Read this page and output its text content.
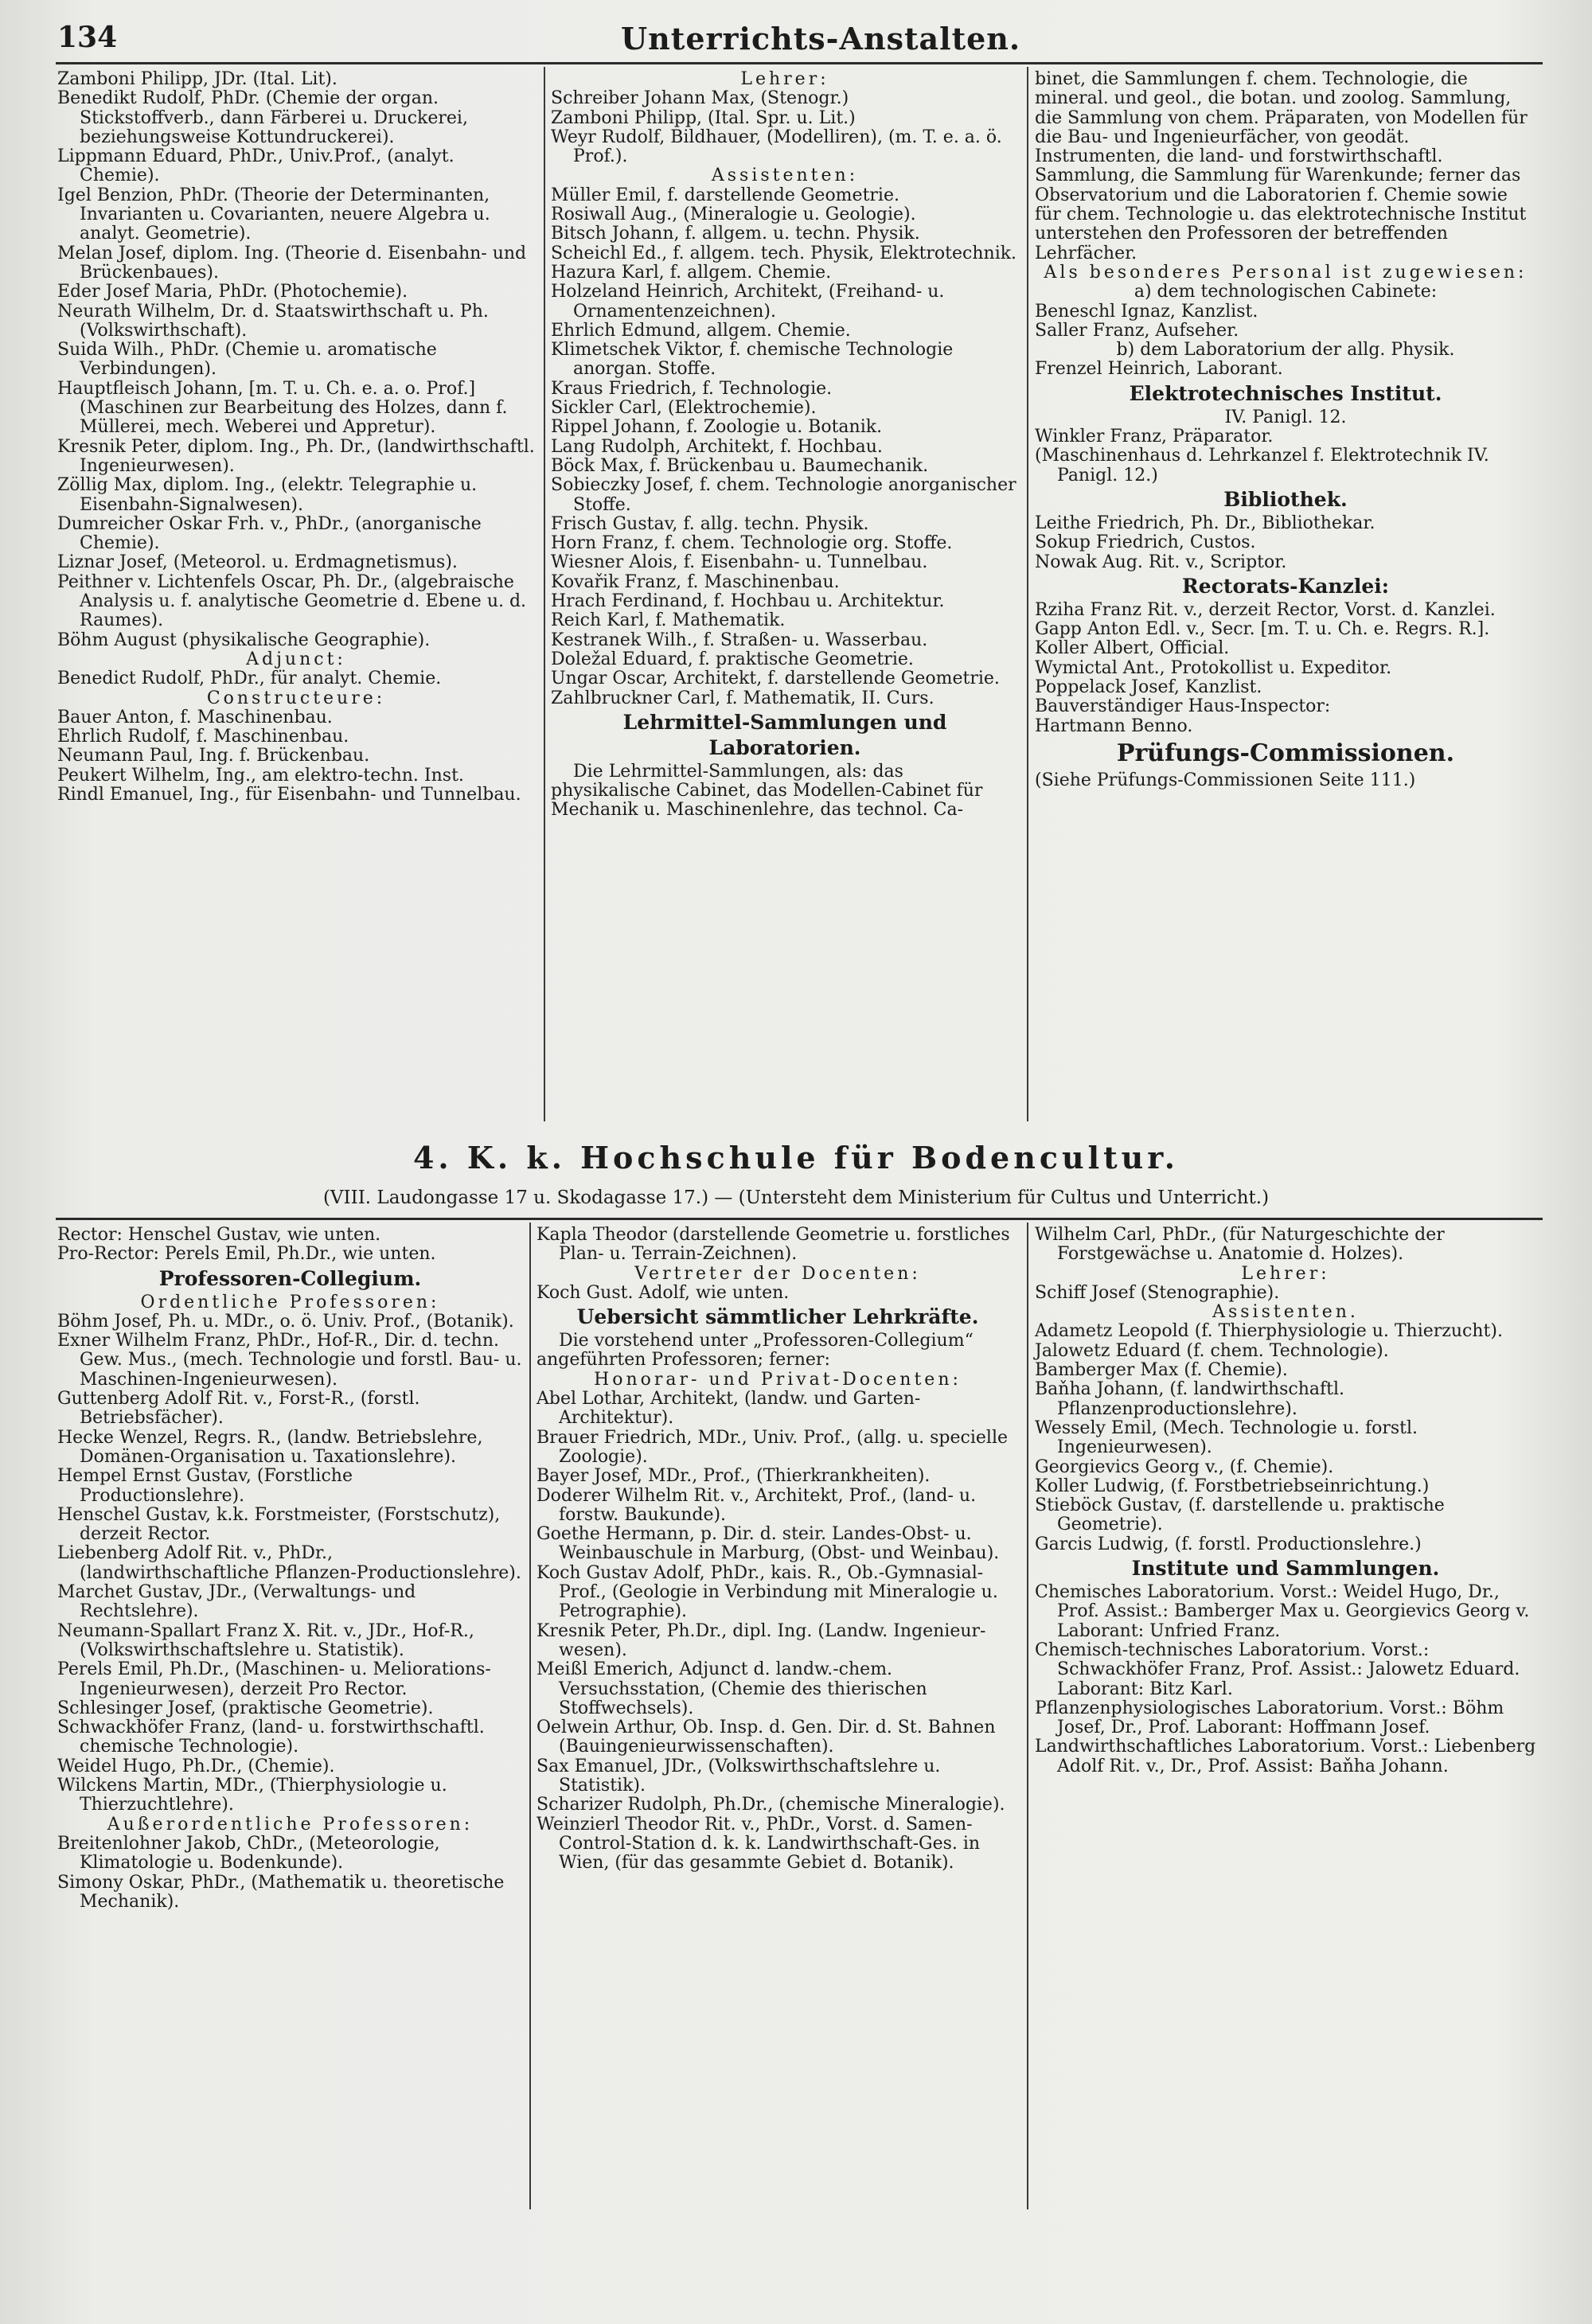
134	Unterrichts-Anstalten.
Zamboni Philipp, JDr. (Ital. Lit).
Benedikt Rudolf, PhDr. (Chemie der organ. Stickstoffverb., dann Färberei u. Druckerei, beziehungsweise Kottundruckerei).
Lippmann Eduard, PhDr., Univ.Prof., (analyt. Chemie).
Igel Benzion, PhDr. (Theorie der Determinanten, Invarianten u. Covarianten, neuere Algebra u. analyt. Geometrie).
Melan Josef, diplom. Ing. (Theorie d. Eisenbahn- und Brückenbaues).
Eder Josef Maria, PhDr. (Photochemie).
Neurath Wilhelm, Dr. d. Staatswirthschaft u. Ph. (Volkswirthschaft).
Suida Wilh., PhDr. (Chemie u. aromatische Verbindungen).
Hauptfleisch Johann, [m. T. u. Ch. e. a. o. Prof.] (Maschinen zur Bearbeitung des Holzes, dann f. Müllerei, mech. Weberei und Appretur).
Kresnik Peter, diplom. Ing., Ph. Dr., (landwirthschaftl. Ingenieurwesen).
Zöllig Max, diplom. Ing., (elektr. Telegraphie u. Eisenbahn-Signalwesen).
Dumreicher Oskar Frh. v., PhDr., (anorganische Chemie).
Liznar Josef, (Meteorol. u. Erdmagnetismus).
Peithner v. Lichtenfels Oscar, Ph. Dr., (algebraische Analysis u. f. analytische Geometrie d. Ebene u. d. Raumes).
Böhm August (physikalische Geographie).
Adjunct:
Benedict Rudolf, PhDr., für analyt. Chemie.
Constructeure:
Bauer Anton, f. Maschinenbau.
Ehrlich Rudolf, f. Maschinenbau.
Neumann Paul, Ing. f. Brückenbau.
Peukert Wilhelm, Ing., am elektro-techn. Inst.
Rindl Emanuel, Ing., für Eisenbahn- und Tunnelbau.
Lehrer:
Schreiber Johann Max, (Stenogr.)
Zamboni Philipp, (Ital. Spr. u. Lit.)
Weyr Rudolf, Bildhauer, (Modelliren), (m. T. e. a. ö. Prof.).
Assistenten:
Müller Emil, f. darstellende Geometrie.
Rosiwall Aug., (Mineralogie u. Geologie).
Bitsch Johann, f. allgem. u. techn. Physik.
Scheichl Ed., f. allgem. tech. Physik, Elektrotechnik.
Hazura Karl, f. allgem. Chemie.
Holzeland Heinrich, Architekt, (Freihand- u. Ornamentenzeichnen).
Ehrlich Edmund, allgem. Chemie.
Klimetschek Viktor, f. chemische Technologie anorgan. Stoffe.
Kraus Friedrich, f. Technologie.
Sickler Carl, (Elektrochemie).
Rippel Johann, f. Zoologie u. Botanik.
Lang Rudolph, Architekt, f. Hochbau.
Böck Max, f. Brückenbau u. Baumechanik.
Sobieczky Josef, f. chem. Technologie anorganischer Stoffe.
Frisch Gustav, f. allg. techn. Physik.
Horn Franz, f. chem. Technologie org. Stoffe.
Wiesner Alois, f. Eisenbahn- u. Tunnelbau.
Kovařik Franz, f. Maschinenbau.
Hrach Ferdinand, f. Hochbau u. Architektur.
Reich Karl, f. Mathematik.
Kestranek Wilh., f. Straßen- u. Wasserbau.
Doležal Eduard, f. praktische Geometrie.
Ungar Oscar, Architekt, f. darstellende Geometrie.
Zahlbruckner Carl, f. Mathematik, II. Curs.
Lehrmittel-Sammlungen und Laboratorien.
Die Lehrmittel-Sammlungen, als: das physikalische Cabinet, das Modellen-Cabinet für Mechanik u. Maschinenlehre, das technol. Ca-
binet, die Sammlungen f. chem. Technologie, die mineral. und geol., die botan. und zoolog. Sammlung, die Sammlung von chem. Präparaten, von Modellen für die Bau- und Ingenieurfächer, von geodät. Instrumenten, die land- und forstwirthschaftl. Sammlung, die Sammlung für Warenkunde; ferner das Observatorium und die Laboratorien f. Chemie sowie für chem. Technologie u. das elektrotechnische Institut unterstehen den Professoren der betreffenden Lehrfächer.
Als besonderes Personal ist zugewiesen:
a) dem technologischen Cabinete:
Beneschl Ignaz, Kanzlist.
Saller Franz, Aufseher.
b) dem Laboratorium der allg. Physik.
Frenzel Heinrich, Laborant.
Elektrotechnisches Institut.
IV. Panigl. 12.
Winkler Franz, Präparator.
(Maschinenhaus d. Lehrkanzel f. Elektrotechnik IV. Panigl. 12.)
Bibliothek.
Leithe Friedrich, Ph. Dr., Bibliothekar.
Sokup Friedrich, Custos.
Nowak Aug. Rit. v., Scriptor.
Rectorats-Kanzlei:
Rziha Franz Rit. v., derzeit Rector, Vorst. d. Kanzlei.
Gapp Anton Edl. v., Secr. [m. T. u. Ch. e. Regrs. R.].
Koller Albert, Official.
Wymictal Ant., Protokollist u. Expeditor.
Poppelack Josef, Kanzlist.
Bauverständiger Haus-Inspector:
Hartmann Benno.
Prüfungs-Commissionen.
(Siehe Prüfungs-Commissionen Seite 111.)
4. K. k. Hochschule für Bodencultur.
(VIII. Laudongasse 17 u. Skodagasse 17.) — (Untersteht dem Ministerium für Cultus und Unterricht.)
Rector: Henschel Gustav, wie unten.
Pro-Rector: Perels Emil, Ph.Dr., wie unten.
Professoren-Collegium.
Ordentliche Professoren:
Böhm Josef, Ph. u. MDr., o. ö. Univ. Prof., (Botanik).
Exner Wilhelm Franz, PhDr., Hof-R., Dir. d. techn. Gew. Mus., (mech. Technologie und forstl. Bau- u. Maschinen-Ingenieurwesen).
Guttenberg Adolf Rit. v., Forst-R., (forstl. Betriebsfächer).
Hecke Wenzel, Regrs. R., (landw. Betriebslehre, Domänen-Organisation u. Taxationslehre).
Hempel Ernst Gustav, (Forstliche Productionslehre).
Henschel Gustav, k.k. Forstmeister, (Forstschutz), derzeit Rector.
Liebenberg Adolf Rit. v., PhDr., (landwirthschaftliche Pflanzen-Productionslehre).
Marchet Gustav, JDr., (Verwaltungs- und Rechtslehre).
Neumann-Spallart Franz X. Rit. v., JDr., Hof-R., (Volkswirthschaftslehre u. Statistik).
Perels Emil, Ph.Dr., (Maschinen- u. Meliorations-Ingenieurwesen), derzeit Pro Rector.
Schlesinger Josef, (praktische Geometrie).
Schwackhöfer Franz, (land- u. forstwirthschaftl. chemische Technologie).
Weidel Hugo, Ph.Dr., (Chemie).
Wilckens Martin, MDr., (Thierphysiologie u. Thierzuchtlehre).
Außerordentliche Professoren:
Breitenlohner Jakob, ChDr., (Meteorologie, Klimatologie u. Bodenkunde).
Simony Oskar, PhDr., (Mathematik u. theoretische Mechanik).
Kapla Theodor (darstellende Geometrie u. forstliches Plan- u. Terrain-Zeichnen).
Vertreter der Docenten:
Koch Gust. Adolf, wie unten.
Uebersicht sämmtlicher Lehrkräfte.
Die vorstehend unter „Professoren-Collegium“ angeführten Professoren; ferner:
Honorar- und Privat-Docenten:
Abel Lothar, Architekt, (landw. und Garten-Architektur).
Brauer Friedrich, MDr., Univ. Prof., (allg. u. specielle Zoologie).
Bayer Josef, MDr., Prof., (Thierkrankheiten).
Doderer Wilhelm Rit. v., Architekt, Prof., (land- u. forstw. Baukunde).
Goethe Hermann, p. Dir. d. steir. Landes-Obst- u. Weinbauschule in Marburg, (Obst- und Weinbau).
Koch Gustav Adolf, PhDr., kais. R., Ob.-Gymnasial-Prof., (Geologie in Verbindung mit Mineralogie u. Petrographie).
Kresnik Peter, Ph.Dr., dipl. Ing. (Landw. Ingenieur-wesen).
Meißl Emerich, Adjunct d. landw.-chem. Versuchsstation, (Chemie des thierischen Stoffwechsels).
Oelwein Arthur, Ob. Insp. d. Gen. Dir. d. St. Bahnen (Bauingenieurwissenschaften).
Sax Emanuel, JDr., (Volkswirthschaftslehre u. Statistik).
Scharizer Rudolph, Ph.Dr., (chemische Mineralogie).
Weinzierl Theodor Rit. v., PhDr., Vorst. d. Samen-Control-Station d. k. k. Landwirthschaft-Ges. in Wien, (für das gesammte Gebiet d. Botanik).
Wilhelm Carl, PhDr., (für Naturgeschichte der Forstgewächse u. Anatomie d. Holzes).
Lehrer:
Schiff Josef (Stenographie).
Assistenten.
Adametz Leopold (f. Thierphysiologie u. Thierzucht).
Jalowetz Eduard (f. chem. Technologie).
Bamberger Max (f. Chemie).
Baňha Johann, (f. landwirthschaftl. Pflanzenproductionslehre).
Wessely Emil, (Mech. Technologie u. forstl. Ingenieurwesen).
Georgievics Georg v., (f. Chemie).
Koller Ludwig, (f. Forstbetriebseinrichtung.)
Stieböck Gustav, (f. darstellende u. praktische Geometrie).
Garcis Ludwig, (f. forstl. Productionslehre.)
Institute und Sammlungen.
Chemisches Laboratorium. Vorst.: Weidel Hugo, Dr., Prof. Assist.: Bamberger Max u. Georgievics Georg v. Laborant: Unfried Franz.
Chemisch-technisches Laboratorium. Vorst.: Schwackhöfer Franz, Prof. Assist.: Jalowetz Eduard. Laborant: Bitz Karl.
Pflanzenphysiologisches Laboratorium. Vorst.: Böhm Josef, Dr., Prof. Laborant: Hoffmann Josef.
Landwirthschaftliches Laboratorium. Vorst.: Liebenberg Adolf Rit. v., Dr., Prof. Assist: Baňha Johann.
